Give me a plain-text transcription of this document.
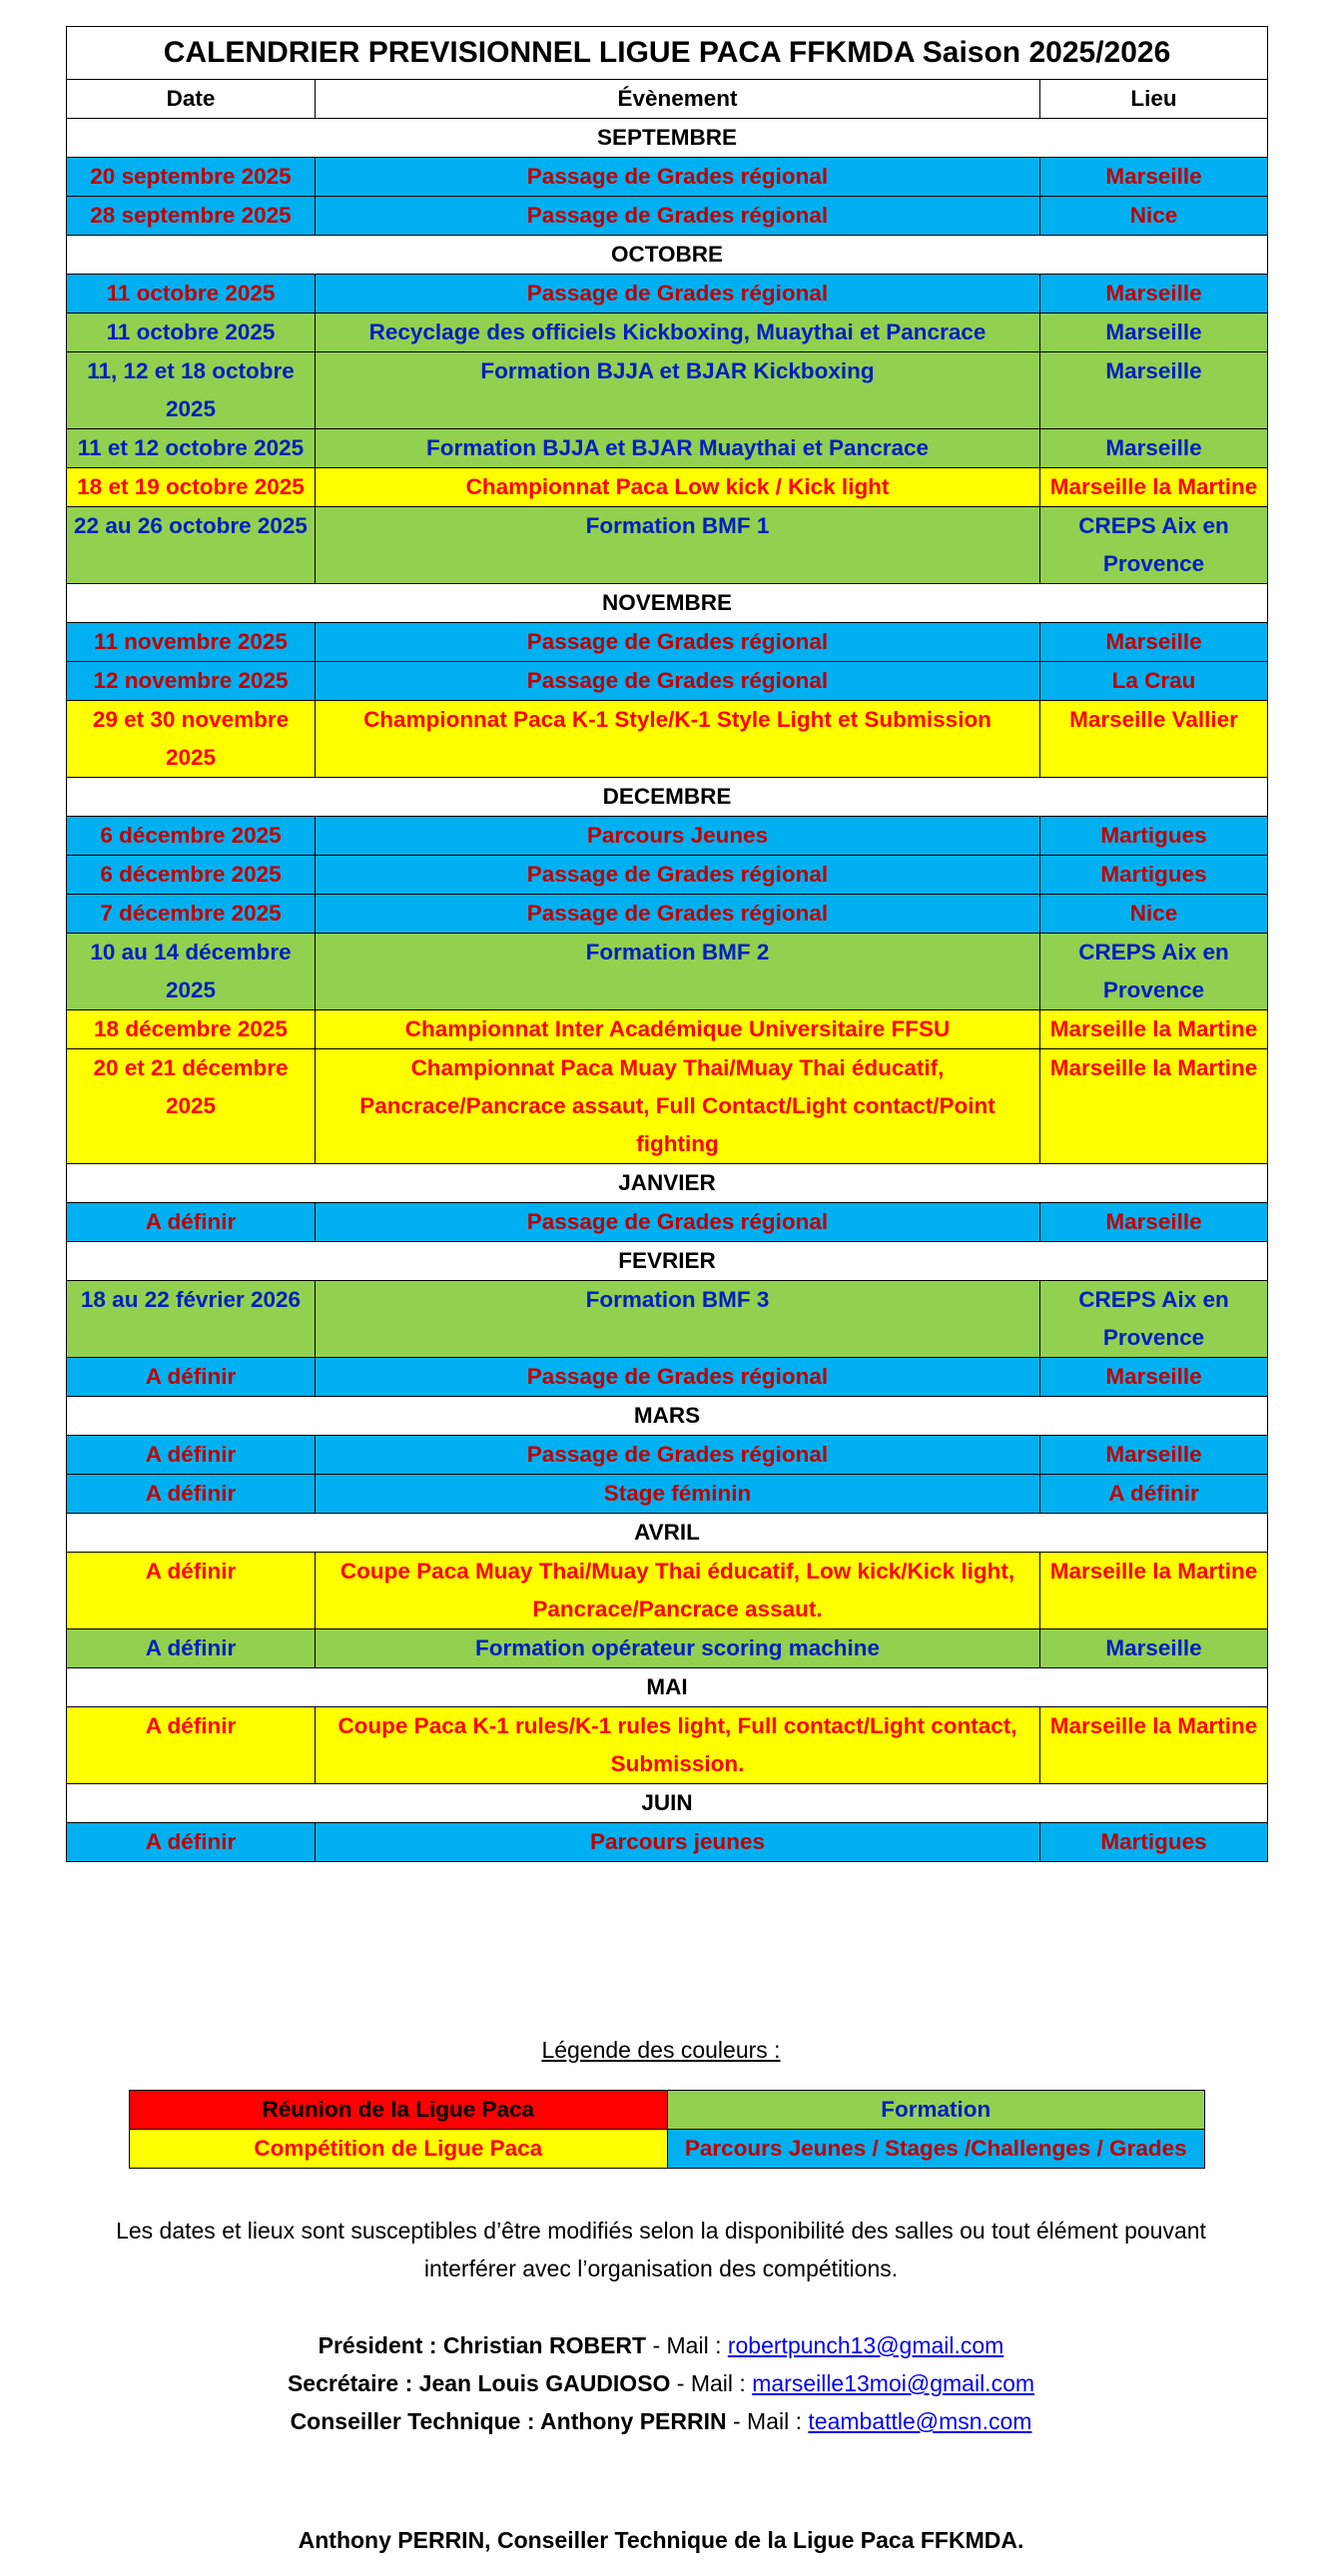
CALENDRIER PREVISIONNEL LIGUE PACA FFKMDA Saison 2025/2026		
Date	Évènement	Lieu
SEPTEMBRE		
20 septembre 2025	Passage de Grades régional	Marseille
28 septembre 2025	Passage de Grades régional	Nice
OCTOBRE		
11 octobre 2025	Passage de Grades régional	Marseille
11 octobre 2025	Recyclage des officiels Kickboxing, Muaythai et Pancrace	Marseille
11, 12 et 18 octobre 2025	Formation BJJA et BJAR Kickboxing	Marseille
11 et 12 octobre 2025	Formation BJJA et BJAR Muaythai et Pancrace	Marseille
18 et 19 octobre 2025	Championnat Paca Low kick / Kick light	Marseille la Martine
22 au 26 octobre 2025	Formation BMF 1	CREPS Aix en Provence
NOVEMBRE		
11 novembre 2025	Passage de Grades régional	Marseille
12 novembre 2025	Passage de Grades régional	La Crau
29 et 30 novembre 2025	Championnat Paca K-1 Style/K-1 Style Light et Submission	Marseille Vallier
DECEMBRE		
6 décembre 2025	Parcours Jeunes	Martigues
6 décembre 2025	Passage de Grades régional	Martigues
7 décembre 2025	Passage de Grades régional	Nice
10 au 14 décembre 2025	Formation BMF 2	CREPS Aix en Provence
18 décembre 2025	Championnat Inter Académique Universitaire FFSU	Marseille la Martine
20 et 21 décembre 2025	Championnat Paca Muay Thai/Muay Thai éducatif, Pancrace/Pancrace assaut, Full Contact/Light contact/Point fighting	Marseille la Martine
JANVIER		
A définir	Passage de Grades régional	Marseille
FEVRIER		
18 au 22 février 2026	Formation BMF 3	CREPS Aix en Provence
A définir	Passage de Grades régional	Marseille
MARS		
A définir	Passage de Grades régional	Marseille
A définir	Stage féminin	A définir
AVRIL		
A définir	Coupe Paca Muay Thai/Muay Thai éducatif, Low kick/Kick light, Pancrace/Pancrace assaut.	Marseille la Martine
A définir	Formation opérateur scoring machine	Marseille
MAI		
A définir	Coupe Paca K-1 rules/K-1 rules light, Full contact/Light contact, Submission.	Marseille la Martine
JUIN		
A définir	Parcours jeunes	Martigues
Légende des couleurs :
Réunion de la Ligue Paca	Formation
Compétition de Ligue Paca	Parcours Jeunes / Stages /Challenges / Grades
Les dates et lieux sont susceptibles d’être modifiés selon la disponibilité des salles ou tout élément pouvant interférer avec l’organisation des compétitions.
Président : Christian ROBERT - Mail : robertpunch13@gmail.com
Secrétaire : Jean Louis GAUDIOSO - Mail : marseille13moi@gmail.com
Conseiller Technique : Anthony PERRIN - Mail : teambattle@msn.com
Anthony PERRIN, Conseiller Technique de la Ligue Paca FFKMDA.
